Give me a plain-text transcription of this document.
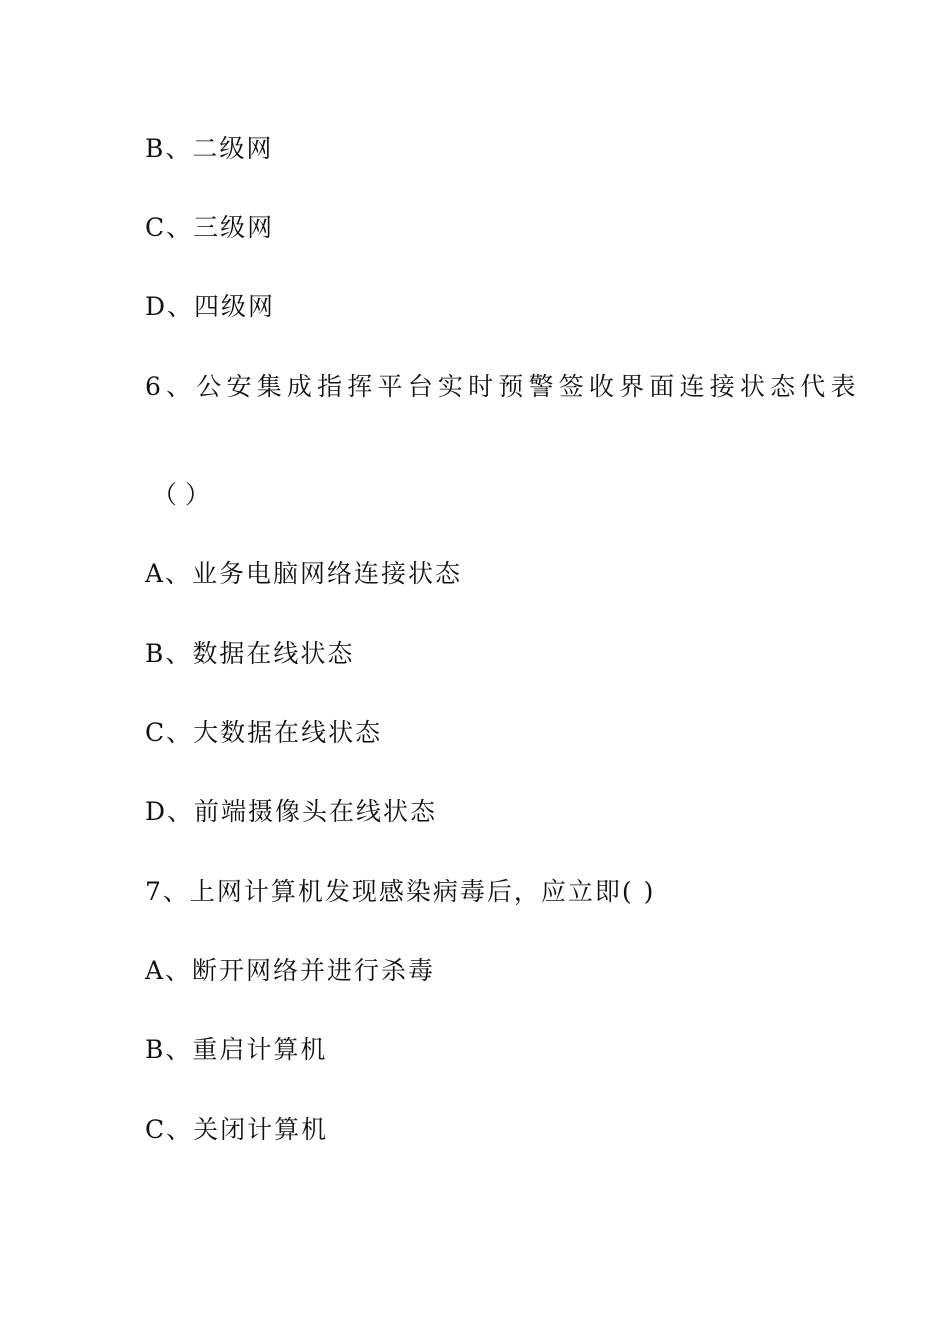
B、二级网
C、三级网
D、四级网
6、公安集成指挥平台实时预警签收界面连接状态代表
（ ）
A、业务电脑网络连接状态
B、数据在线状态
C、大数据在线状态
D、前端摄像头在线状态
7、上网计算机发现感染病毒后，应立即( )
A、断开网络并进行杀毒
B、重启计算机
C、关闭计算机
